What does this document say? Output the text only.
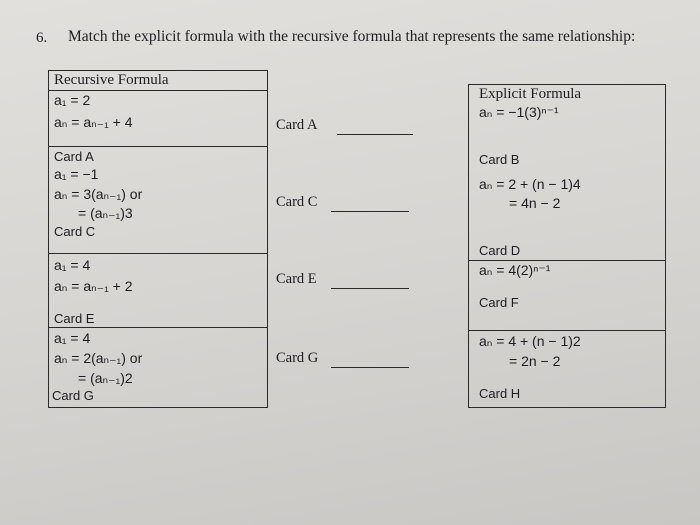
6. Match the explicit formula with the recursive formula that represents the same relationship:
Recursive Formula
a₁ = 2
aₙ = aₙ₋₁ + 4
Card A
a₁ = −1
aₙ = 3(aₙ₋₁) or
= (aₙ₋₁)3
Card C
a₁ = 4
aₙ = aₙ₋₁ + 2
Card E
a₁ = 4
aₙ = 2(aₙ₋₁) or
= (aₙ₋₁)2
Card G
Card A
Card C
Card E
Card G
Explicit Formula
aₙ = −1(3)ⁿ⁻¹
Card B
aₙ = 2 + (n − 1)4
= 4n − 2
Card D
aₙ = 4(2)ⁿ⁻¹
Card F
aₙ = 4 + (n − 1)2
= 2n − 2
Card H
